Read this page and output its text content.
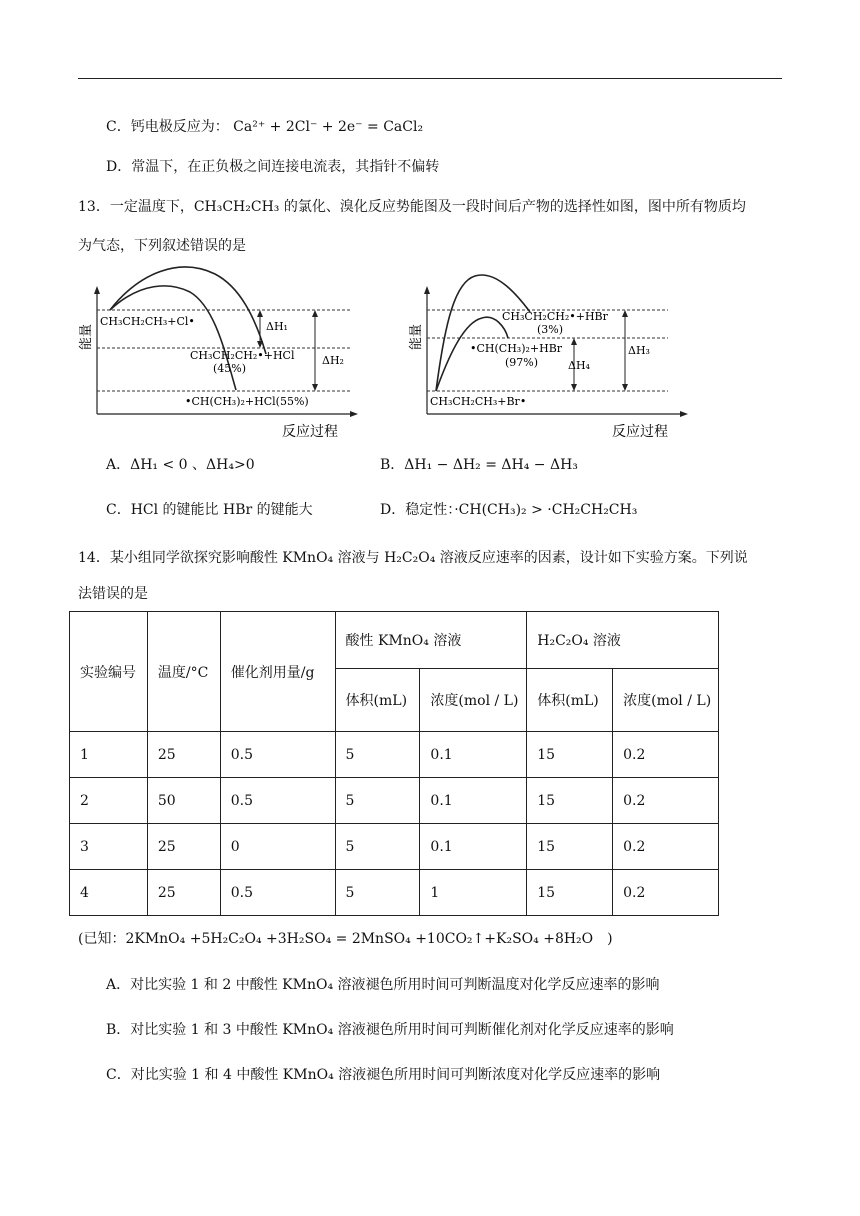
C．钙电极反应为： Ca²⁺ + 2Cl⁻ + 2e⁻ = CaCl₂
D．常温下，在正负极之间连接电流表，其指针不偏转
13．一定温度下，CH₃CH₂CH₃ 的氯化、溴化反应势能图及一段时间后产物的选择性如图，图中所有物质均
为气态，下列叙述错误的是
能量
CH₃CH₂CH₃+Cl•	ΔH₁
CH₃CH₂CH₂•+HCl
(45%)
ΔH₂
•CH(CH₃)₂+HCl(55%)
反应过程
能量
CH₃CH₂CH₂•+HBr
(3%)
ΔH₃
•CH(CH₃)₂+HBr
(97%)	ΔH₄
CH₃CH₂CH₃+Br•
反应过程
A．ΔH₁ < 0 、ΔH₄>0	B．ΔH₁ − ΔH₂ = ΔH₄ − ΔH₃
C．HCl 的键能比 HBr 的键能大	D．稳定性：·CH(CH₃)₂ > ·CH₂CH₂CH₃
14．某小组同学欲探究影响酸性 KMnO₄ 溶液与 H₂C₂O₄ 溶液反应速率的因素，设计如下实验方案。下列说
法错误的是
实验编号	温度/°C	催化剂用量/g	酸性 KMnO₄ 溶液		H₂C₂O₄ 溶液	
			体积(mL)	浓度(mol / L)	体积(mL)	浓度(mol / L)
1	25	0.5	5	0.1	15	0.2
2	50	0.5	5	0.1	15	0.2
3	25	0	5	0.1	15	0.2
4	25	0.5	5	1	15	0.2
(已知：2KMnO₄ +5H₂C₂O₄ +3H₂SO₄ = 2MnSO₄ +10CO₂↑+K₂SO₄ +8H₂O　)
A．对比实验 1 和 2 中酸性 KMnO₄ 溶液褪色所用时间可判断温度对化学反应速率的影响
B．对比实验 1 和 3 中酸性 KMnO₄ 溶液褪色所用时间可判断催化剂对化学反应速率的影响
C．对比实验 1 和 4 中酸性 KMnO₄ 溶液褪色所用时间可判断浓度对化学反应速率的影响
